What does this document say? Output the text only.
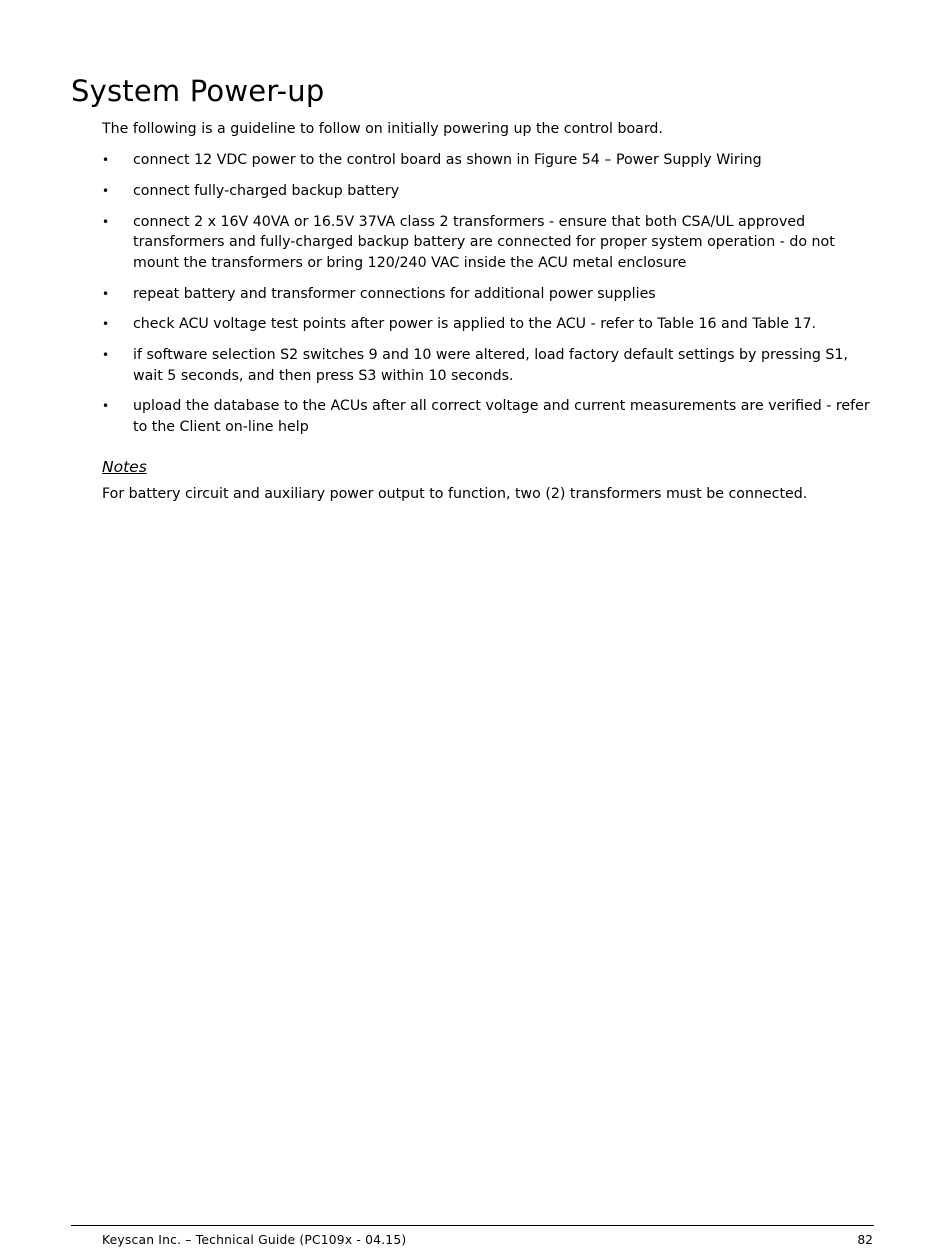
System Power-up

The following is a guideline to follow on initially powering up the control board.

• connect 12 VDC power to the control board as shown in Figure 54 – Power Supply Wiring
• connect fully-charged backup battery
• connect 2 x 16V 40VA or 16.5V 37VA class 2 transformers - ensure that both CSA/UL approved transformers and fully-charged backup battery are connected for proper system operation - do not mount the transformers or bring 120/240 VAC inside the ACU metal enclosure
• repeat battery and transformer connections for additional power supplies
• check ACU voltage test points after power is applied to the ACU - refer to Table 16 and Table 17.
• if software selection S2 switches 9 and 10 were altered, load factory default settings by pressing S1, wait 5 seconds, and then press S3 within 10 seconds.
• upload the database to the ACUs after all correct voltage and current measurements are verified - refer to the Client on-line help
Notes

For battery circuit and auxiliary power output to function, two (2) transformers must be connected.

Keyscan Inc. – Technical Guide (PC109x - 04.15)	82
